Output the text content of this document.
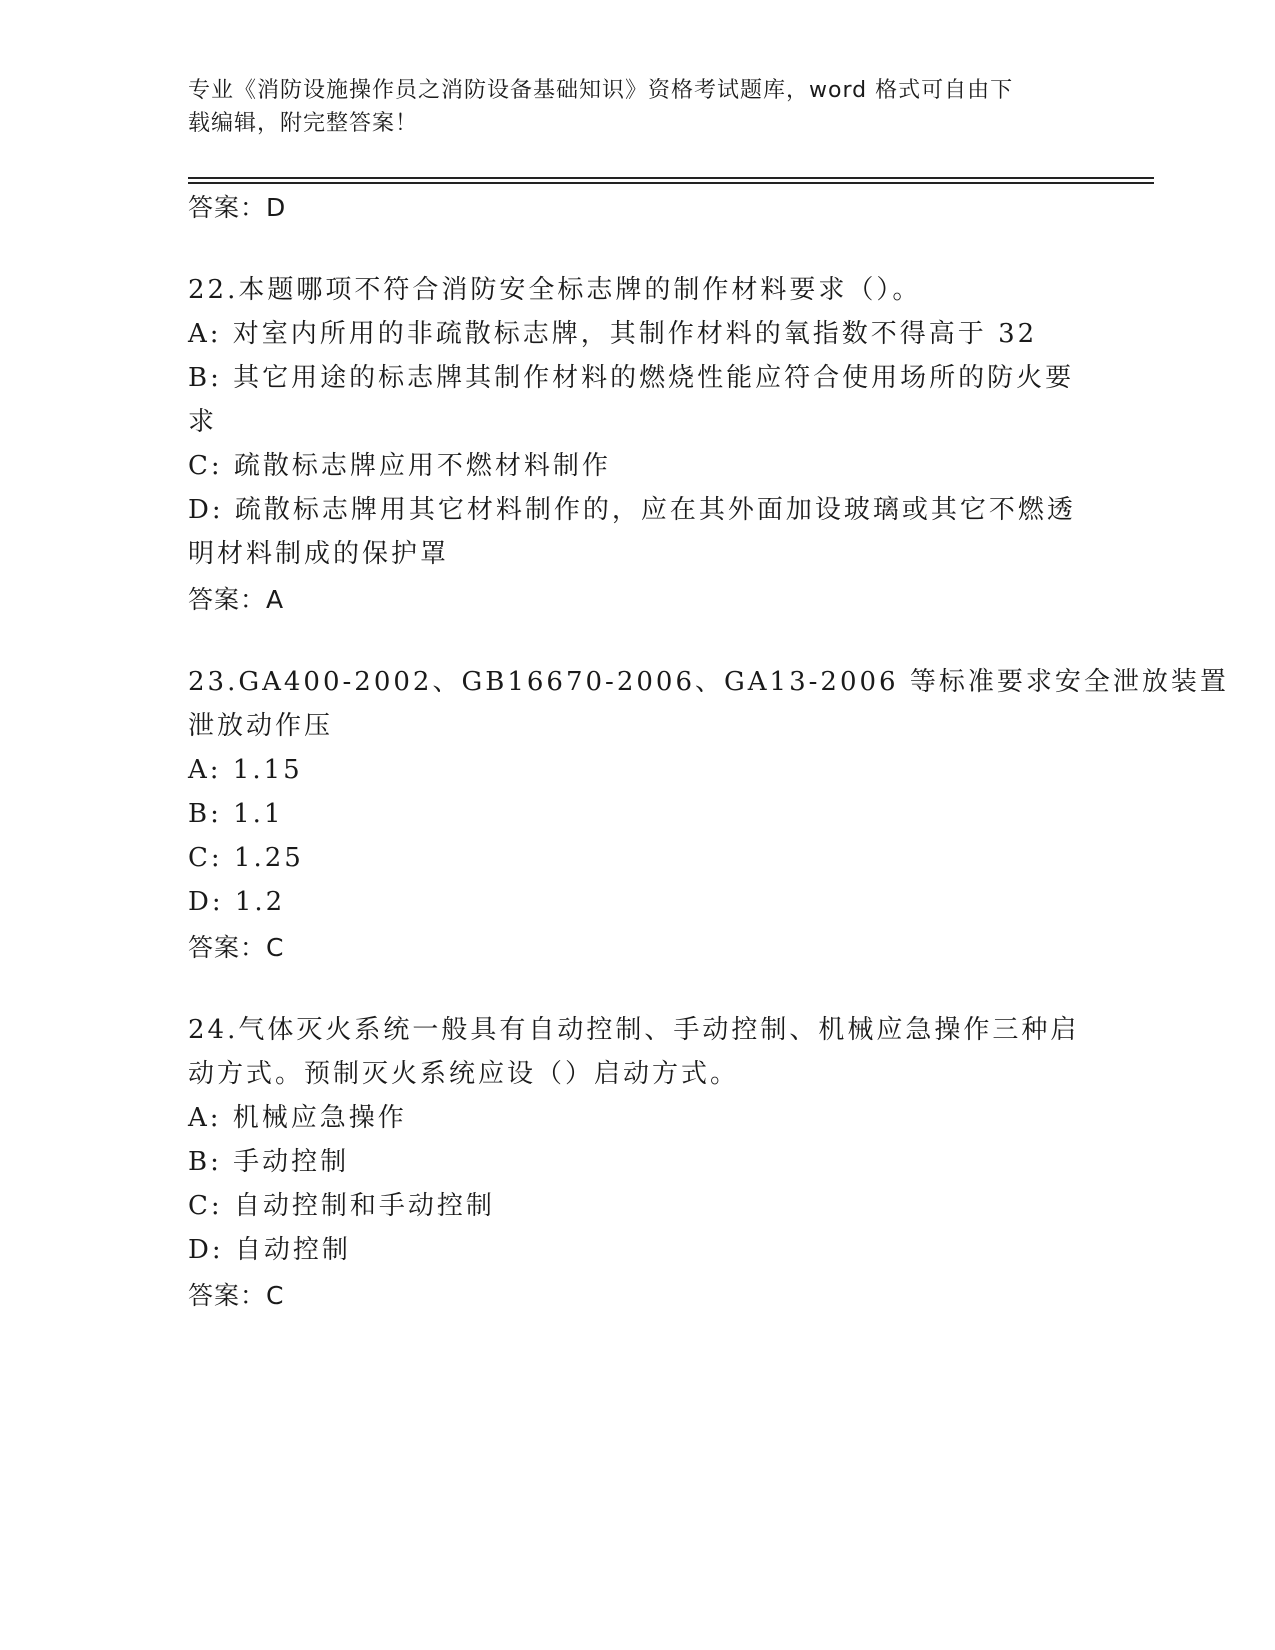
专业《消防设施操作员之消防设备基础知识》资格考试题库，word 格式可自由下
载编辑，附完整答案！
答案：D
22.本题哪项不符合消防安全标志牌的制作材料要求（）。
A: 对室内所用的非疏散标志牌，其制作材料的氧指数不得高于 32
B: 其它用途的标志牌其制作材料的燃烧性能应符合使用场所的防火要
求
C: 疏散标志牌应用不燃材料制作
D: 疏散标志牌用其它材料制作的，应在其外面加设玻璃或其它不燃透
明材料制成的保护罩
答案：A
23.GA400-2002、GB16670-2006、GA13-2006 等标准要求安全泄放装置
泄放动作压
A: 1.15
B: 1.1
C: 1.25
D: 1.2
答案：C
24.气体灭火系统一般具有自动控制、手动控制、机械应急操作三种启
动方式。预制灭火系统应设（）启动方式。
A: 机械应急操作
B: 手动控制
C: 自动控制和手动控制
D: 自动控制
答案：C
